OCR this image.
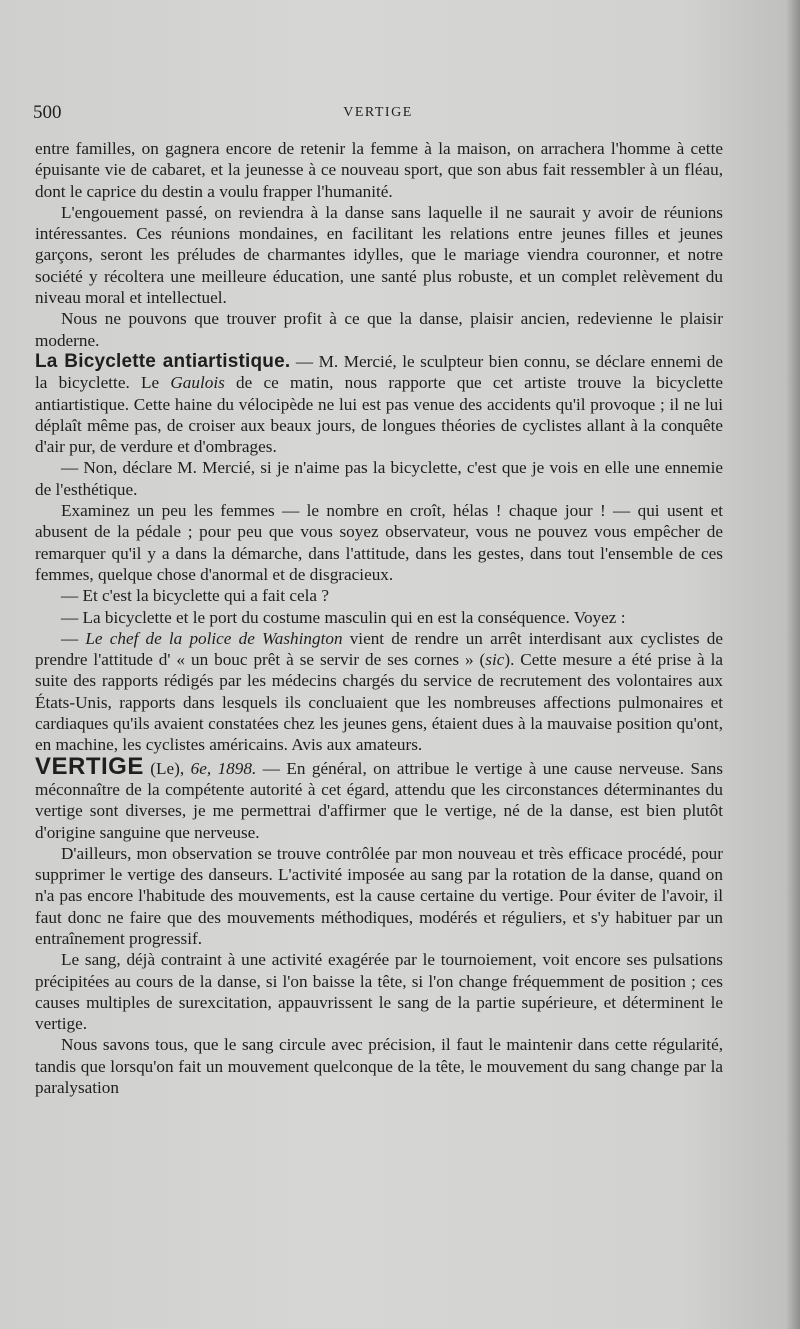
500	VERTIGE

entre familles, on gagnera encore de retenir la femme à la maison, on arrachera l'homme à cette épuisante vie de cabaret, et la jeunesse à ce nouveau sport, que son abus fait ressembler à un fléau, dont le caprice du destin a voulu frapper l'humanité.

L'engouement passé, on reviendra à la danse sans laquelle il ne saurait y avoir de réunions intéressantes. Ces réunions mondaines, en facilitant les relations entre jeunes filles et jeunes garçons, seront les préludes de charmantes idylles, que le mariage viendra couronner, et notre société y récoltera une meilleure éducation, une santé plus robuste, et un complet relèvement du niveau moral et intellectuel.

Nous ne pouvons que trouver profit à ce que la danse, plaisir ancien, redevienne le plaisir moderne.

La Bicyclette antiartistique. — M. Mercié, le sculpteur bien connu, se déclare ennemi de la bicyclette. Le Gaulois de ce matin, nous rapporte que cet artiste trouve la bicyclette antiartistique. Cette haine du vélocipède ne lui est pas venue des accidents qu'il provoque ; il ne lui déplaît même pas, de croiser aux beaux jours, de longues théories de cyclistes allant à la conquête d'air pur, de verdure et d'ombrages.

— Non, déclare M. Mercié, si je n'aime pas la bicyclette, c'est que je vois en elle une ennemie de l'esthétique.

Examinez un peu les femmes — le nombre en croît, hélas ! chaque jour ! — qui usent et abusent de la pédale ; pour peu que vous soyez observateur, vous ne pouvez vous empêcher de remarquer qu'il y a dans la démarche, dans l'attitude, dans les gestes, dans tout l'ensemble de ces femmes, quelque chose d'anormal et de disgracieux.

— Et c'est la bicyclette qui a fait cela ?

— La bicyclette et le port du costume masculin qui en est la conséquence. Voyez :

— Le chef de la police de Washington vient de rendre un arrêt interdisant aux cyclistes de prendre l'attitude d' « un bouc prêt à se servir de ses cornes » (sic). Cette mesure a été prise à la suite des rapports rédigés par les médecins chargés du service de recrutement des volontaires aux États-Unis, rapports dans lesquels ils concluaient que les nombreuses affections pulmonaires et cardiaques qu'ils avaient constatées chez les jeunes gens, étaient dues à la mauvaise position qu'ont, en machine, les cyclistes américains. Avis aux amateurs.

VERTIGE (Le), 6e, 1898. — En général, on attribue le vertige à une cause nerveuse. Sans méconnaître de la compétente autorité à cet égard, attendu que les circonstances déterminantes du vertige sont diverses, je me permettrai d'affirmer que le vertige, né de la danse, est bien plutôt d'origine sanguine que nerveuse.

D'ailleurs, mon observation se trouve contrôlée par mon nouveau et très efficace procédé, pour supprimer le vertige des danseurs. L'activité imposée au sang par la rotation de la danse, quand on n'a pas encore l'habitude des mouvements, est la cause certaine du vertige. Pour éviter de l'avoir, il faut donc ne faire que des mouvements méthodiques, modérés et réguliers, et s'y habituer par un entraînement progressif.

Le sang, déjà contraint à une activité exagérée par le tournoiement, voit encore ses pulsations précipitées au cours de la danse, si l'on baisse la tête, si l'on change fréquemment de position ; ces causes multiples de surexcitation, appauvrissent le sang de la partie supérieure, et déterminent le vertige.

Nous savons tous, que le sang circule avec précision, il faut le maintenir dans cette régularité, tandis que lorsqu'on fait un mouvement quelconque de la tête, le mouvement du sang change par la paralysation
